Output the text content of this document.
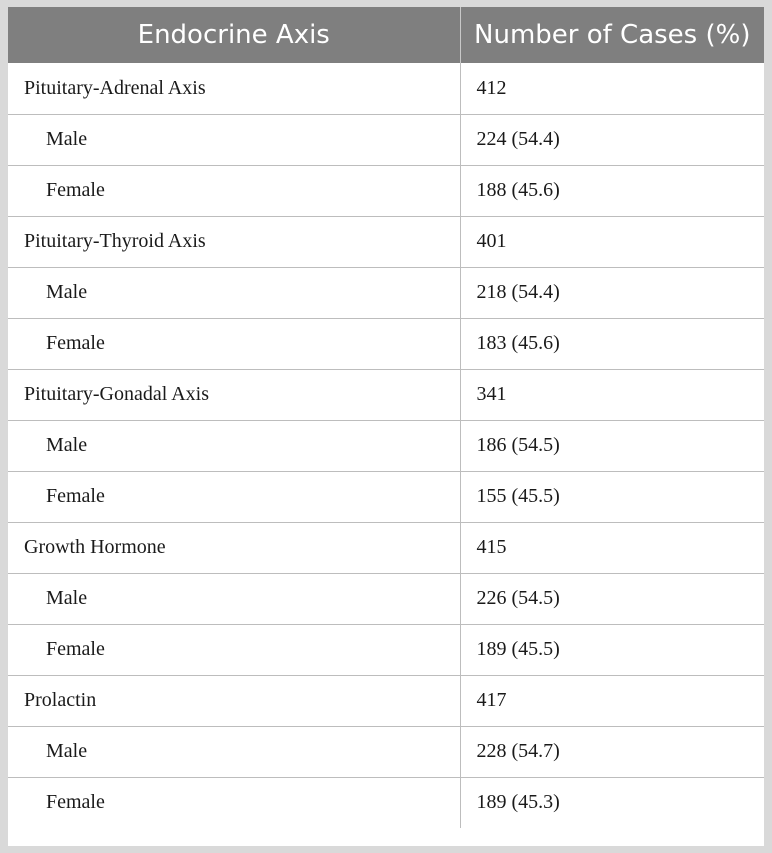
Endocrine Axis	Number of Cases (%)
Pituitary-Adrenal Axis	412
Male	224 (54.4)
Female	188 (45.6)
Pituitary-Thyroid Axis	401
Male	218 (54.4)
Female	183 (45.6)
Pituitary-Gonadal Axis	341
Male	186 (54.5)
Female	155 (45.5)
Growth Hormone	415
Male	226 (54.5)
Female	189 (45.5)
Prolactin	417
Male	228 (54.7)
Female	189 (45.3)
